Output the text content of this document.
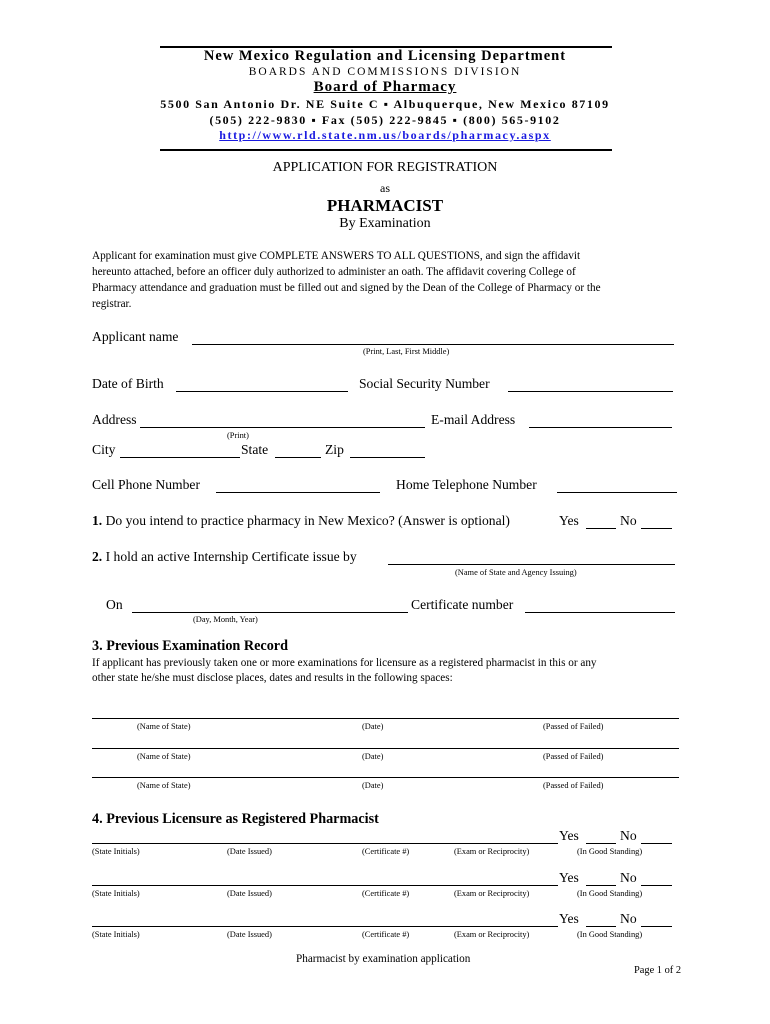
New Mexico Regulation and Licensing Department
BOARDS AND COMMISSIONS DIVISION
Board of Pharmacy
5500 San Antonio Dr. NE Suite C ▪ Albuquerque, New Mexico 87109
(505) 222-9830 ▪ Fax (505) 222-9845 ▪ (800) 565-9102
http://www.rld.state.nm.us/boards/pharmacy.aspx
APPLICATION FOR REGISTRATION
as
PHARMACIST
By Examination
Applicant for examination must give COMPLETE ANSWERS TO ALL QUESTIONS, and sign the affidavit
hereunto attached, before an officer duly authorized to administer an oath. The affidavit covering College of
Pharmacy attendance and graduation must be filled out and signed by the Dean of the College of Pharmacy or the
registrar.
Applicant name
(Print, Last, First Middle)
Date of Birth	Social Security Number
Address
(Print)
E-mail Address
City	State	Zip
Cell Phone Number	Home Telephone Number
1. Do you intend to practice pharmacy in New Mexico? (Answer is optional)	Yes	No
2. I hold an active Internship Certificate issue by
(Name of State and Agency Issuing)
On
(Day, Month, Year)
Certificate number
3. Previous Examination Record
If applicant has previously taken one or more examinations for licensure as a registered pharmacist in this or any
other state he/she must disclose places, dates and results in the following spaces:
(Name of State)	(Date)	(Passed of Failed)
(Name of State)	(Date)	(Passed of Failed)
(Name of State)	(Date)	(Passed of Failed)
4. Previous Licensure as Registered Pharmacist
Yes	No
(State Initials)	(Date Issued)	(Certificate #)	(Exam or Reciprocity)	(In Good Standing)
Yes	No
(State Initials)	(Date Issued)	(Certificate #)	(Exam or Reciprocity)	(In Good Standing)
Yes	No
(State Initials)	(Date Issued)	(Certificate #)	(Exam or Reciprocity)	(In Good Standing)
Pharmacist by examination application
Page 1 of 2
